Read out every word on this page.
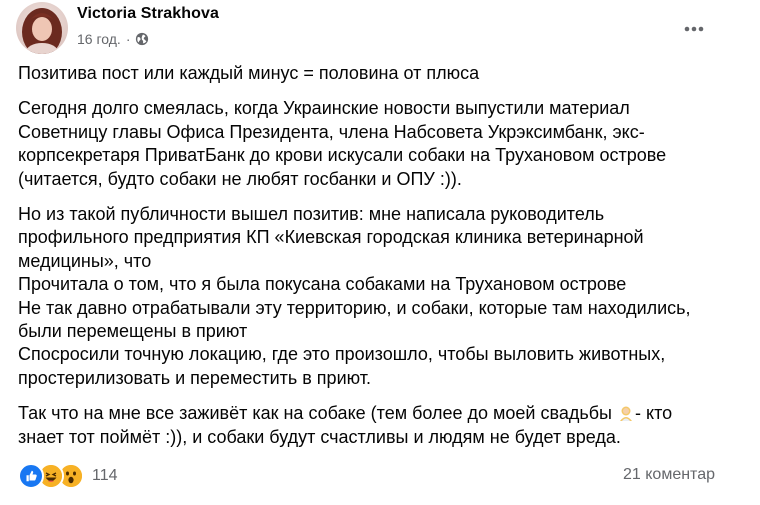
Victoria Strakhova
16 год. ·

Позитива пост или каждый минус = половина от плюса

Сегодня долго смеялась, когда Украинские новости выпустили материал
Советницу главы Офиса Президента, члена Набсовета Укрэксимбанк, экс-
корпсекретаря ПриватБанк до крови искусали собаки на Трухановом острове
(читается, будто собаки не любят госбанки и ОПУ :)).

Но из такой публичности вышел позитив: мне написала руководитель
профильного предприятия КП «Киевская городская клиника ветеринарной
медицины», что
Прочитала о том, что я была покусана собаками на Трухановом острове
Не так давно отрабатывали эту территорию, и собаки, которые там находились,
были перемещены в приют
Спосросили точную локацию, где это произошло, чтобы выловить животных,
простерилизовать и переместить в приют.

Так что на мне все заживёт как на собаке (тем более до моей свадьбы - кто
знает тот поймёт :)), и собаки будут счастливы и людям не будет вреда.

114	21 коментар
